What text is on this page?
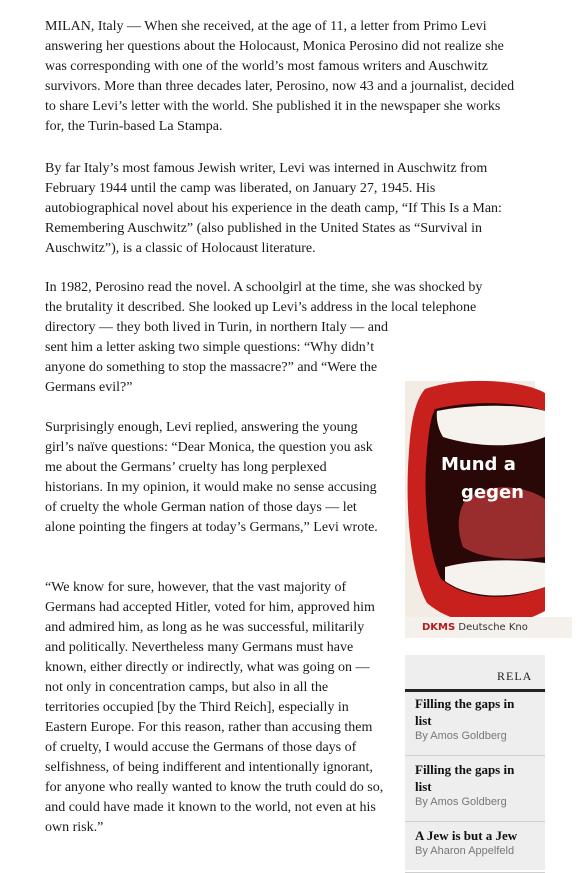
MILAN, Italy — When she received, at the age of 11, a letter from Primo Levi answering her questions about the Holocaust, Monica Perosino did not realize she was corresponding with one of the world’s most famous writers and Auschwitz survivors. More than three decades later, Perosino, now 43 and a journalist, decided to share Levi’s letter with the world. She published it in the newspaper she works for, the Turin-based La Stampa.

By far Italy’s most famous Jewish writer, Levi was interned in Auschwitz from February 1944 until the camp was liberated, on January 27, 1945. His autobiographical novel about his experience in the death camp, “If This Is a Man: Remembering Auschwitz” (also published in the United States as “Survival in Auschwitz”), is a classic of Holocaust literature.

In 1982, Perosino read the novel. A schoolgirl at the time, she was shocked by the brutality it described. She looked up Levi’s address in the local telephone directory — they both lived in Turin, in northern Italy — and
sent him a letter asking two simple questions: “Why didn’t anyone do something to stop the massacre?” and “Were the Germans evil?”

Surprisingly enough, Levi replied, answering the young girl’s naïve questions: “Dear Monica, the question you ask me about the Germans’ cruelty has long perplexed historians. In my opinion, it would make no sense accusing of cruelty the whole German nation of those days — let alone pointing the fingers at today’s Germans,” Levi wrote.

“We know for sure, however, that the vast majority of Germans had accepted Hitler, voted for him, approved him and admired him, as long as he was successful, militarily and politically. Nevertheless many Germans must have known, either directly or indirectly, what was going on — not only in concentration camps, but also in all the territories occupied [by the Third Reich], especially in Eastern Europe. For this reason, rather than accusing them of cruelty, I would accuse the Germans of those days of selfishness, of being indifferent and intentionally ignorant, for anyone who really wanted to know the truth could do so, and could have made it known to the world, not even at his own risk.”

Mund a
gegen
DKMS Deutsche Kno
RELA
Filling the gaps in
list
By Amos Goldberg
Filling the gaps in
list
By Amos Goldberg
A Jew is but a Jew
By Aharon Appelfeld
